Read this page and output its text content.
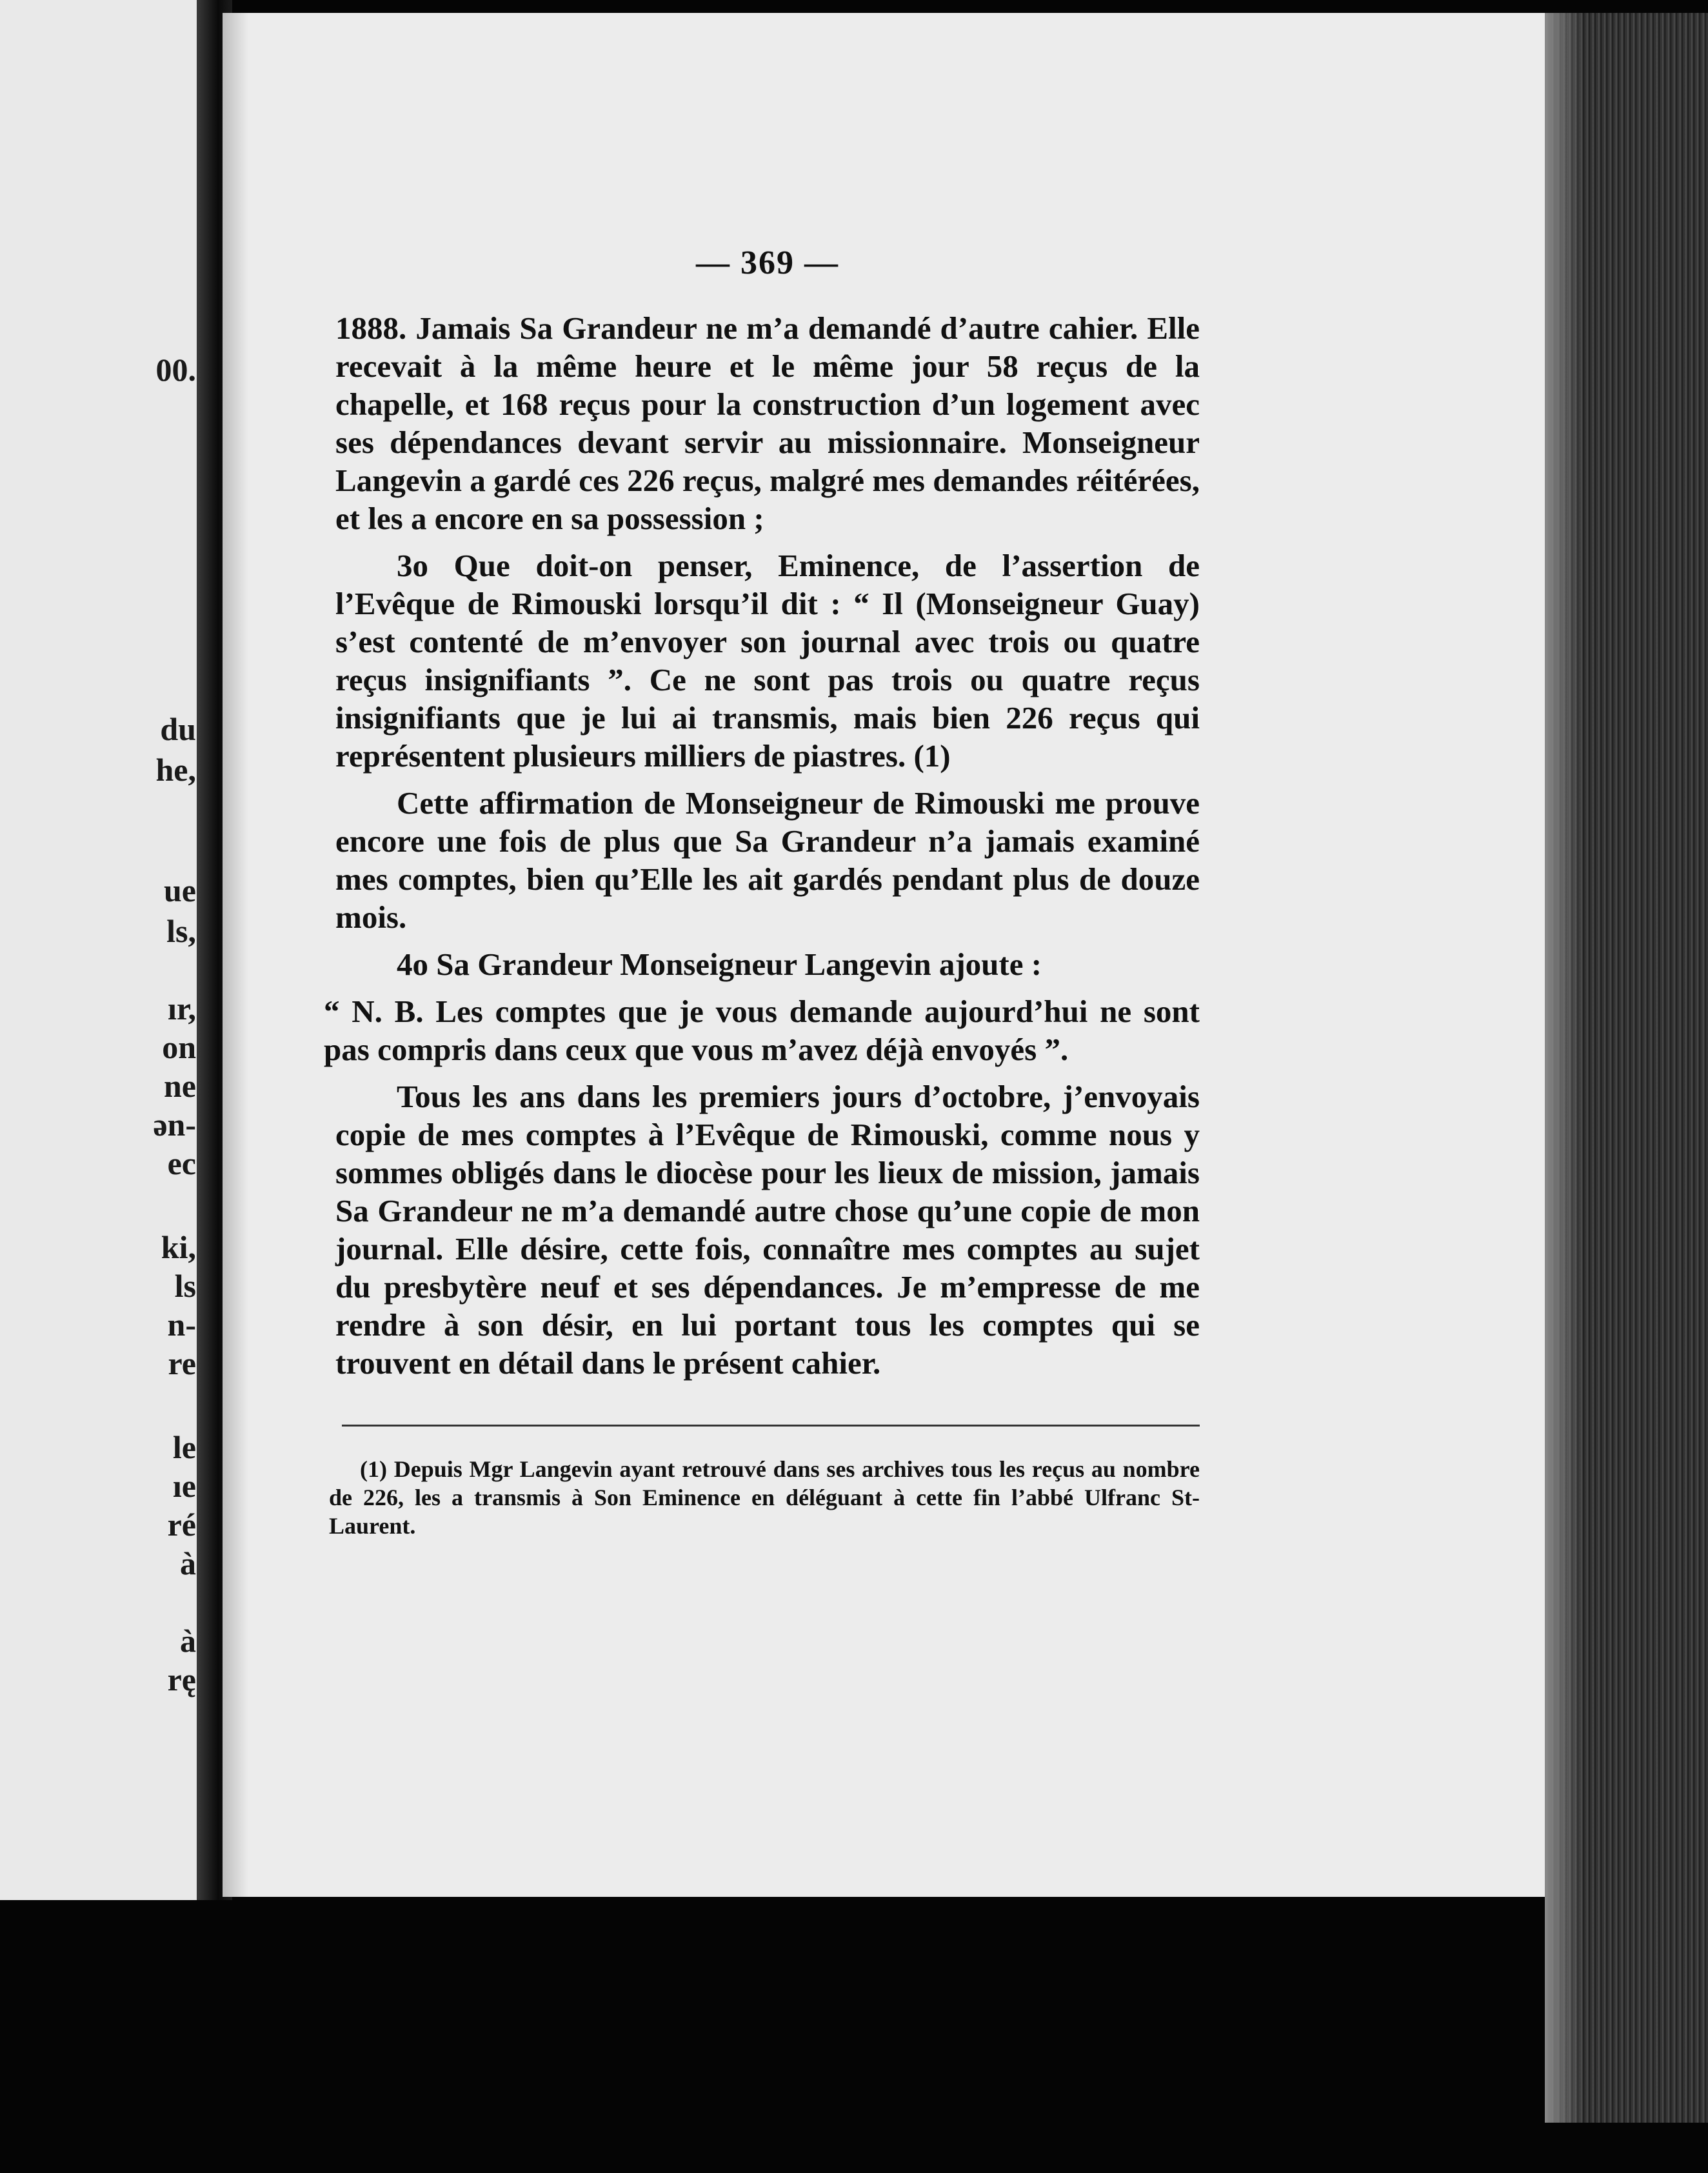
00.
du
he,
ue
ls,
ır,
on
ne
ən-
ec
ki,
ls
n-
re
le
ıe
ré
à
à
rę
— 369 —

1888. Jamais Sa Grandeur ne m’a demandé d’autre cahier. Elle recevait à la même heure et le même jour 58 reçus de la chapelle, et 168 reçus pour la construction d’un logement avec ses dépendances devant servir au missionnaire. Monseigneur Langevin a gardé ces 226 reçus, malgré mes demandes réitérées, et les a encore en sa possession ;

3o Que doit-on penser, Eminence, de l’assertion de l’Evêque de Rimouski lorsqu’il dit : “ Il (Monseigneur Guay) s’est contenté de m’envoyer son journal avec trois ou quatre reçus insignifiants ”. Ce ne sont pas trois ou quatre reçus insignifiants que je lui ai transmis, mais bien 226 reçus qui représentent plusieurs milliers de piastres. (1)

Cette affirmation de Monseigneur de Rimouski me prouve encore une fois de plus que Sa Grandeur n’a jamais examiné mes comptes, bien qu’Elle les ait gardés pendant plus de douze mois.

4o Sa Grandeur Monseigneur Langevin ajoute :

“ N. B. Les comptes que je vous demande aujourd’hui ne sont pas compris dans ceux que vous m’avez déjà envoyés ”.

Tous les ans dans les premiers jours d’octobre, j’envoyais copie de mes comptes à l’Evêque de Rimouski, comme nous y sommes obligés dans le diocèse pour les lieux de mission, jamais Sa Grandeur ne m’a demandé autre chose qu’une copie de mon journal. Elle désire, cette fois, connaître mes comptes au sujet du presbytère neuf et ses dépendances. Je m’empresse de me rendre à son désir, en lui portant tous les comptes qui se trouvent en détail dans le présent cahier.

(1) Depuis Mgr Langevin ayant retrouvé dans ses archives tous les reçus au nombre de 226, les a transmis à Son Eminence en déléguant à cette fin l’abbé Ulfranc St-Laurent.
